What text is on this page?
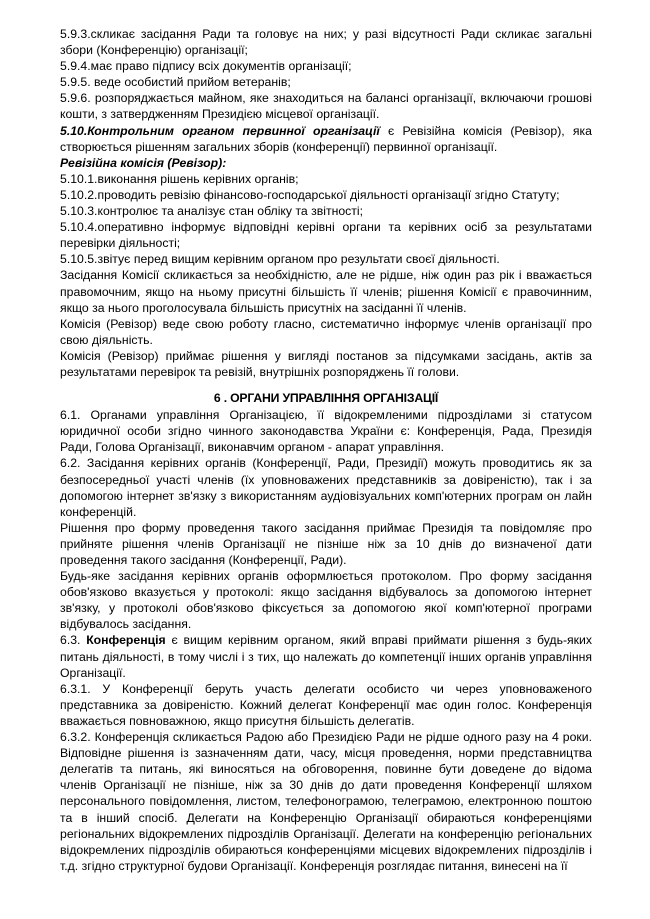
5.9.3.скликає засідання Ради та головує на них; у разі відсутності Ради скликає загальні збори (Конференцію) організації;

5.9.4.має право підпису всіх документів організації;

5.9.5. веде особистий прийом ветеранів;

5.9.6. розпоряджається майном, яке знаходиться на балансі організації, включаючи грошові кошти, з затвердженням Президією місцевої організації.

5.10.Контрольним органом первинної організації є Ревізійна комісія (Ревізор), яка створюється рішенням загальних зборів (конференції) первинної організації.

Ревізійна комісія (Ревізор):

5.10.1.виконання рішень керівних органів;

5.10.2.проводить ревізію фінансово-господарської діяльності організації згідно Статуту;

5.10.3.контролює та аналізує стан обліку та звітності;

5.10.4.оперативно інформує відповідні керівні органи та керівних осіб за результатами перевірки діяльності;

5.10.5.звітує перед вищим керівним органом про результати своєї діяльності.

Засідання Комісії скликається за необхідністю, але не рідше, ніж один раз рік і вважається правомочним, якщо на ньому присутні більшість її членів; рішення Комісії є правочинним, якщо за нього проголосувала більшість присутніх на засіданні її членів.

Комісія (Ревізор) веде свою роботу гласно, систематично інформує членів організації про свою діяльність.

Комісія (Ревізор) приймає рішення у вигляді постанов за підсумками засідань, актів за результатами перевірок та ревізій, внутрішніх розпоряджень її голови.

6 . ОРГАНИ УПРАВЛІННЯ ОРГАНІЗАЦІЇ

6.1. Органами управління Організацією, її відокремленими підрозділами зі статусом юридичної особи згідно чинного законодавства України є: Конференція, Рада, Президія Ради, Голова Організації, виконавчим органом - апарат управління.

6.2. Засідання керівних органів (Конференції, Ради, Президії) можуть проводитись як за безпосередньої участі членів (їх уповноважених представників за довіреністю), так і за допомогою інтернет зв'язку з використанням аудіовізуальних комп'ютерних програм он лайн конференцій.

Рішення про форму проведення такого засідання приймає Президія та повідомляє про прийняте рішення членів Організації не пізніше ніж за 10 днів до визначеної дати проведення такого засідання (Конференції, Ради).

Будь-яке засідання керівних органів оформлюється протоколом. Про форму засідання обов'язково вказується у протоколі: якщо засідання відбувалось за допомогою інтернет зв'язку, у протоколі обов'язково фіксується за допомогою якої комп'ютерної програми відбувалось засідання.

6.3. Конференція є вищим керівним органом, який вправі приймати рішення з будь-яких питань діяльності, в тому числі і з тих, що належать до компетенції інших органів управління Організації.

6.3.1. У Конференції беруть участь делегати особисто чи через уповноваженого представника за довіреністю. Кожний делегат Конференції має один голос. Конференція вважається повноважною, якщо присутня більшість делегатів.

6.3.2. Конференція скликається Радою або Президією Ради не рідше одного разу на 4 роки. Відповідне рішення із зазначенням дати, часу, місця проведення, норми представництва делегатів та питань, які виносяться на обговорення, повинне бути доведене до відома членів Організації не пізніше, ніж за 30 днів до дати проведення Конференції шляхом персонального повідомлення, листом, телефонограмою, телеграмою, електронною поштою та в інший спосіб. Делегати на Конференцію Організації обираються конференціями регіональних відокремлених підрозділів Організації. Делегати на конференцію регіональних відокремлених підрозділів обираються конференціями місцевих відокремлених підрозділів і т.д. згідно структурної будови Організації. Конференція розглядає питання, винесені на її
